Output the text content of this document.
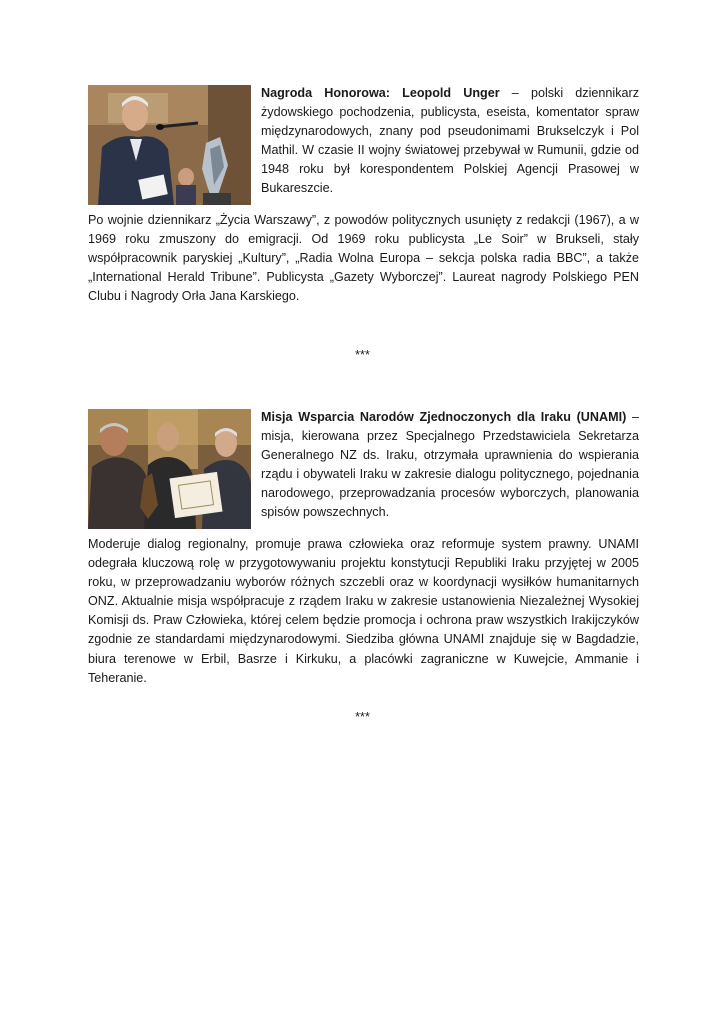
Nagroda Honorowa: Leopold Unger – polski dziennikarz żydowskiego pochodzenia, publicysta, eseista, komentator spraw międzynarodowych, znany pod pseudonimami Brukselczyk i Pol Mathil. W czasie II wojny światowej przebywał w Rumunii, gdzie od 1948 roku był korespondentem Polskiej Agencji Prasowej w Bukareszcie.

Po wojnie dziennikarz „Życia Warszawy”, z powodów politycznych usunięty z redakcji (1967), a w 1969 roku zmuszony do emigracji. Od 1969 roku publicysta „Le Soir” w Brukseli, stały współpracownik paryskiej „Kultury”, „Radia Wolna Europa – sekcja polska radia BBC”, a także „International Herald Tribune”. Publicysta „Gazety Wyborczej”. Laureat nagrody Polskiego PEN Clubu i Nagrody Orła Jana Karskiego.

***

Misja Wsparcia Narodów Zjednoczonych dla Iraku (UNAMI) – misja, kierowana przez Specjalnego Przedstawiciela Sekretarza Generalnego NZ ds. Iraku, otrzymała uprawnienia do wspierania rządu i obywateli Iraku w zakresie dialogu politycznego, pojednania narodowego, przeprowadzania procesów wyborczych, planowania spisów powszechnych.

Moderuje dialog regionalny, promuje prawa człowieka oraz reformuje system prawny. UNAMI odegrała kluczową rolę w przygotowywaniu projektu konstytucji Republiki Iraku przyjętej w 2005 roku, w przeprowadzaniu wyborów różnych szczebli oraz w koordynacji wysiłków humanitarnych ONZ. Aktualnie misja współpracuje z rządem Iraku w zakresie ustanowienia Niezależnej Wysokiej Komisji ds. Praw Człowieka, której celem będzie promocja i ochrona praw wszystkich Irakijczyków zgodnie ze standardami międzynarodowymi. Siedziba główna UNAMI znajduje się w Bagdadzie, biura terenowe w Erbil, Basrze i Kirkuku, a placówki zagraniczne w Kuwejcie, Ammanie i Teheranie.

***
